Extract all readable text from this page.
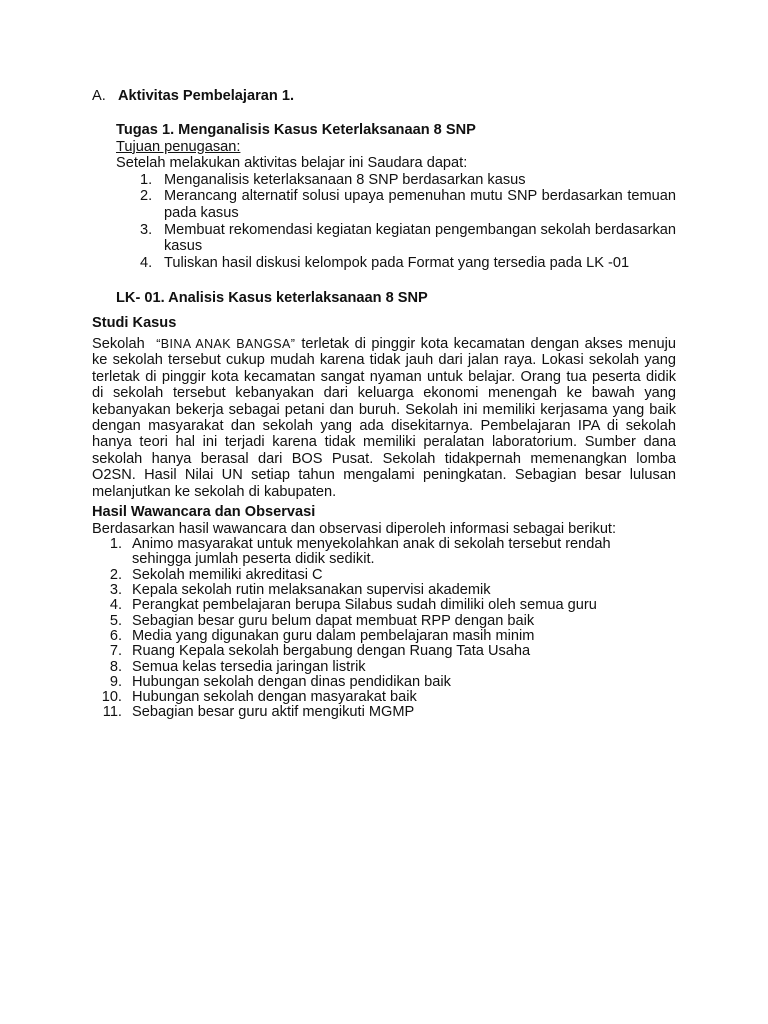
A. Aktivitas Pembelajaran 1.
Tugas 1. Menganalisis Kasus Keterlaksanaan 8 SNP
Tujuan penugasan:
Setelah melakukan aktivitas belajar ini Saudara dapat:
1. Menganalisis keterlaksanaan 8 SNP berdasarkan kasus
2. Merancang alternatif solusi upaya pemenuhan mutu SNP berdasarkan temuan pada kasus
3. Membuat rekomendasi kegiatan kegiatan pengembangan sekolah berdasarkan kasus
4. Tuliskan hasil diskusi kelompok pada Format yang tersedia pada LK -01
LK- 01. Analisis Kasus keterlaksanaan 8 SNP
Studi Kasus
Sekolah “BINA ANAK BANGSA” terletak di pinggir kota kecamatan dengan akses menuju ke sekolah tersebut cukup mudah karena tidak jauh dari jalan raya. Lokasi sekolah yang terletak di pinggir kota kecamatan sangat nyaman untuk belajar. Orang tua peserta didik di sekolah tersebut kebanyakan dari keluarga ekonomi menengah ke bawah yang kebanyakan bekerja sebagai petani dan buruh. Sekolah ini memiliki kerjasama yang baik dengan masyarakat dan sekolah yang ada disekitarnya. Pembelajaran IPA di sekolah hanya teori hal ini terjadi karena tidak memiliki peralatan laboratorium. Sumber dana sekolah hanya berasal dari BOS Pusat. Sekolah tidakpernah memenangkan lomba O2SN. Hasil Nilai UN setiap tahun mengalami peningkatan. Sebagian besar lulusan melanjutkan ke sekolah di kabupaten.
Hasil Wawancara dan Observasi
Berdasarkan hasil wawancara dan observasi diperoleh informasi sebagai berikut:
1. Animo masyarakat untuk menyekolahkan anak di sekolah tersebut rendah sehingga jumlah peserta didik sedikit.
2. Sekolah memiliki akreditasi C
3. Kepala sekolah rutin melaksanakan supervisi akademik
4. Perangkat pembelajaran berupa Silabus sudah dimiliki oleh semua guru
5. Sebagian besar guru belum dapat membuat RPP dengan baik
6. Media yang digunakan guru dalam pembelajaran masih minim
7. Ruang Kepala sekolah bergabung dengan Ruang Tata Usaha
8. Semua kelas tersedia jaringan listrik
9. Hubungan sekolah dengan dinas pendidikan baik
10. Hubungan sekolah dengan masyarakat baik
11. Sebagian besar guru aktif mengikuti MGMP
